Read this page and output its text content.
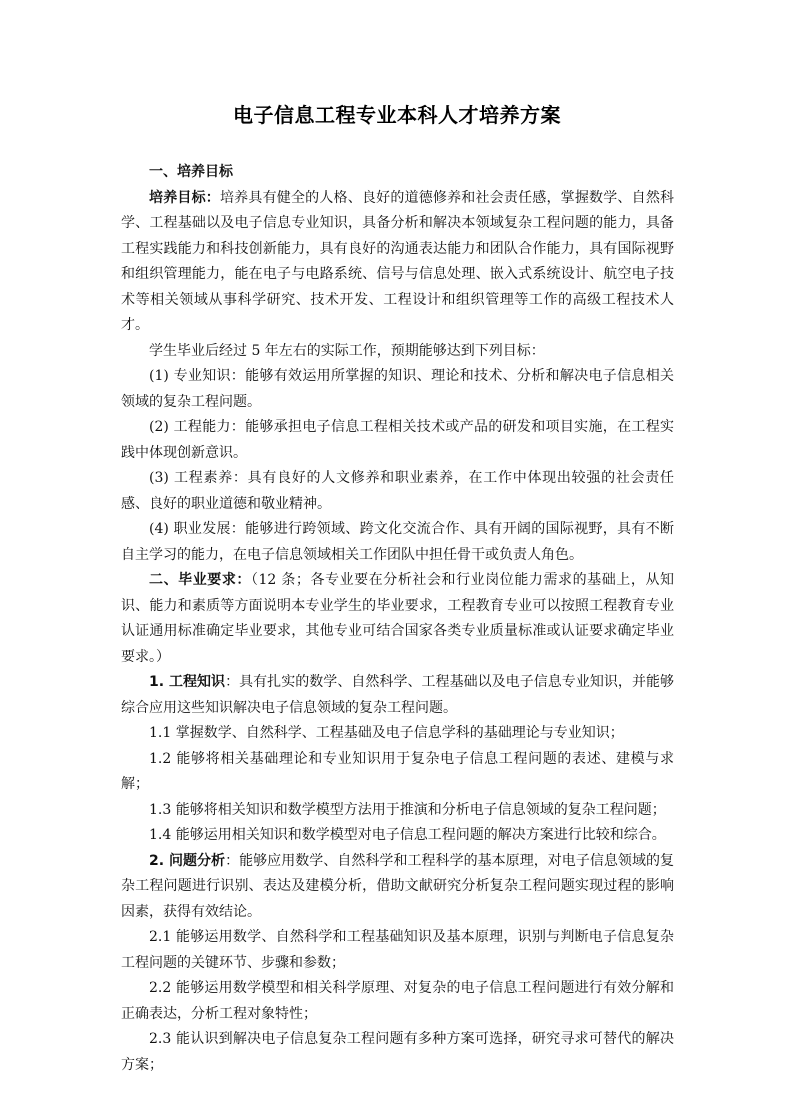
电子信息工程专业本科人才培养方案

一、培养目标

培养目标：培养具有健全的人格、良好的道德修养和社会责任感，掌握数学、自然科学、工程基础以及电子信息专业知识，具备分析和解决本领域复杂工程问题的能力，具备工程实践能力和科技创新能力，具有良好的沟通表达能力和团队合作能力，具有国际视野和组织管理能力，能在电子与电路系统、信号与信息处理、嵌入式系统设计、航空电子技术等相关领域从事科学研究、技术开发、工程设计和组织管理等工作的高级工程技术人才。

学生毕业后经过 5 年左右的实际工作，预期能够达到下列目标：

(1) 专业知识：能够有效运用所掌握的知识、理论和技术、分析和解决电子信息相关领域的复杂工程问题。

(2) 工程能力：能够承担电子信息工程相关技术或产品的研发和项目实施，在工程实践中体现创新意识。

(3) 工程素养：具有良好的人文修养和职业素养，在工作中体现出较强的社会责任感、良好的职业道德和敬业精神。

(4) 职业发展：能够进行跨领域、跨文化交流合作、具有开阔的国际视野，具有不断自主学习的能力，在电子信息领域相关工作团队中担任骨干或负责人角色。

二、毕业要求：（12 条；各专业要在分析社会和行业岗位能力需求的基础上，从知识、能力和素质等方面说明本专业学生的毕业要求，工程教育专业可以按照工程教育专业认证通用标准确定毕业要求，其他专业可结合国家各类专业质量标准或认证要求确定毕业要求。）

1. 工程知识：具有扎实的数学、自然科学、工程基础以及电子信息专业知识，并能够综合应用这些知识解决电子信息领域的复杂工程问题。

1.1 掌握数学、自然科学、工程基础及电子信息学科的基础理论与专业知识；

1.2 能够将相关基础理论和专业知识用于复杂电子信息工程问题的表述、建模与求解；

1.3 能够将相关知识和数学模型方法用于推演和分析电子信息领域的复杂工程问题；

1.4 能够运用相关知识和数学模型对电子信息工程问题的解决方案进行比较和综合。

2. 问题分析：能够应用数学、自然科学和工程科学的基本原理，对电子信息领域的复杂工程问题进行识别、表达及建模分析，借助文献研究分析复杂工程问题实现过程的影响因素，获得有效结论。

2.1 能够运用数学、自然科学和工程基础知识及基本原理，识别与判断电子信息复杂工程问题的关键环节、步骤和参数；

2.2 能够运用数学模型和相关科学原理、对复杂的电子信息工程问题进行有效分解和正确表达，分析工程对象特性；

2.3 能认识到解决电子信息复杂工程问题有多种方案可选择，研究寻求可替代的解决方案；
